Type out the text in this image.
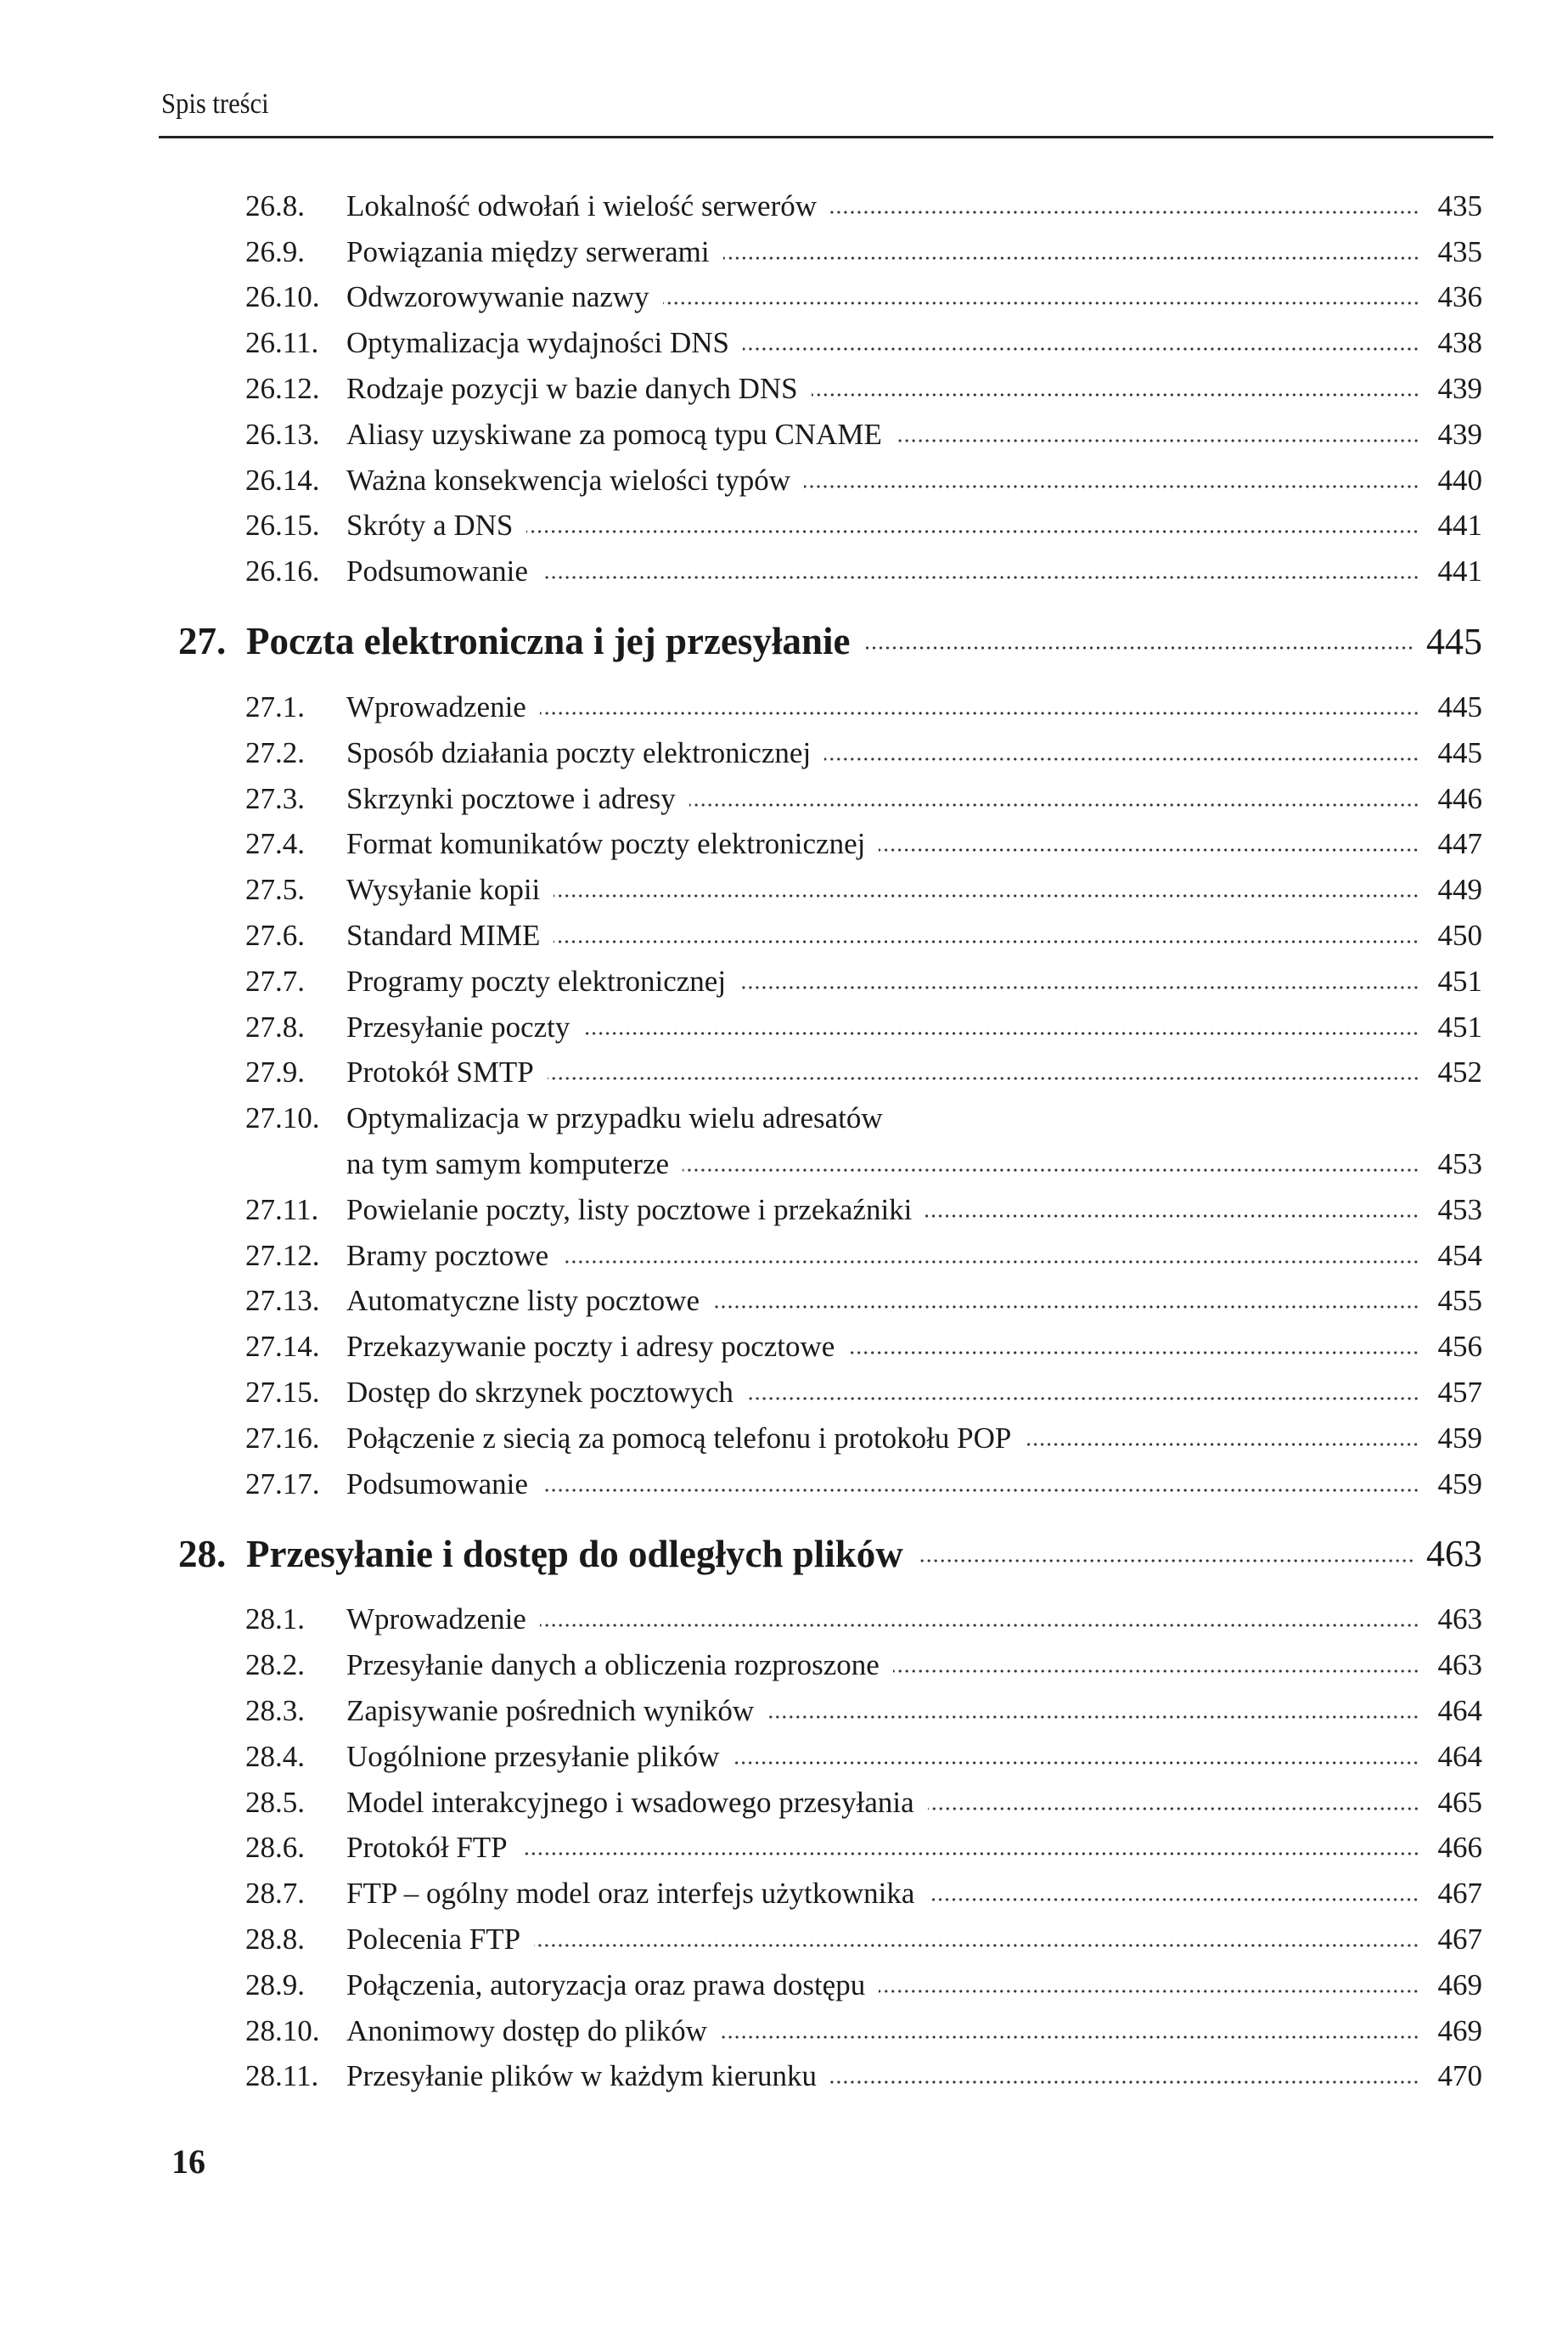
Spis treści
26.8.	Lokalność odwołań i wielość serwerów	435
26.9.	Powiązania między serwerami	435
26.10. Odwzorowywanie nazwy	436
26.11. Optymalizacja wydajności DNS	438
26.12. Rodzaje pozycji w bazie danych DNS	439
26.13. Aliasy uzyskiwane za pomocą typu CNAME	439
26.14. Ważna konsekwencja wielości typów	440
26.15. Skróty a DNS	441
26.16. Podsumowanie	441
27. Poczta elektroniczna i jej przesyłanie	445
27.1.	Wprowadzenie	445
27.2.	Sposób działania poczty elektronicznej	445
27.3.	Skrzynki pocztowe i adresy	446
27.4.	Format komunikatów poczty elektronicznej	447
27.5.	Wysyłanie kopii	449
27.6.	Standard MIME	450
27.7.	Programy poczty elektronicznej	451
27.8.	Przesyłanie poczty	451
27.9.	Protokół SMTP	452
27.10. Optymalizacja w przypadku wielu adresatów
na tym samym komputerze	453
27.11. Powielanie poczty, listy pocztowe i przekaźniki	453
27.12. Bramy pocztowe	454
27.13. Automatyczne listy pocztowe	455
27.14. Przekazywanie poczty i adresy pocztowe	456
27.15. Dostęp do skrzynek pocztowych	457
27.16. Połączenie z siecią za pomocą telefonu i protokołu POP	459
27.17. Podsumowanie	459
28. Przesyłanie i dostęp do odległych plików	463
28.1.	Wprowadzenie	463
28.2.	Przesyłanie danych a obliczenia rozproszone	463
28.3.	Zapisywanie pośrednich wyników	464
28.4.	Uogólnione przesyłanie plików	464
28.5.	Model interakcyjnego i wsadowego przesyłania	465
28.6.	Protokół FTP	466
28.7.	FTP – ogólny model oraz interfejs użytkownika	467
28.8.	Polecenia FTP	467
28.9.	Połączenia, autoryzacja oraz prawa dostępu	469
28.10. Anonimowy dostęp do plików	469
28.11. Przesyłanie plików w każdym kierunku	470
16
